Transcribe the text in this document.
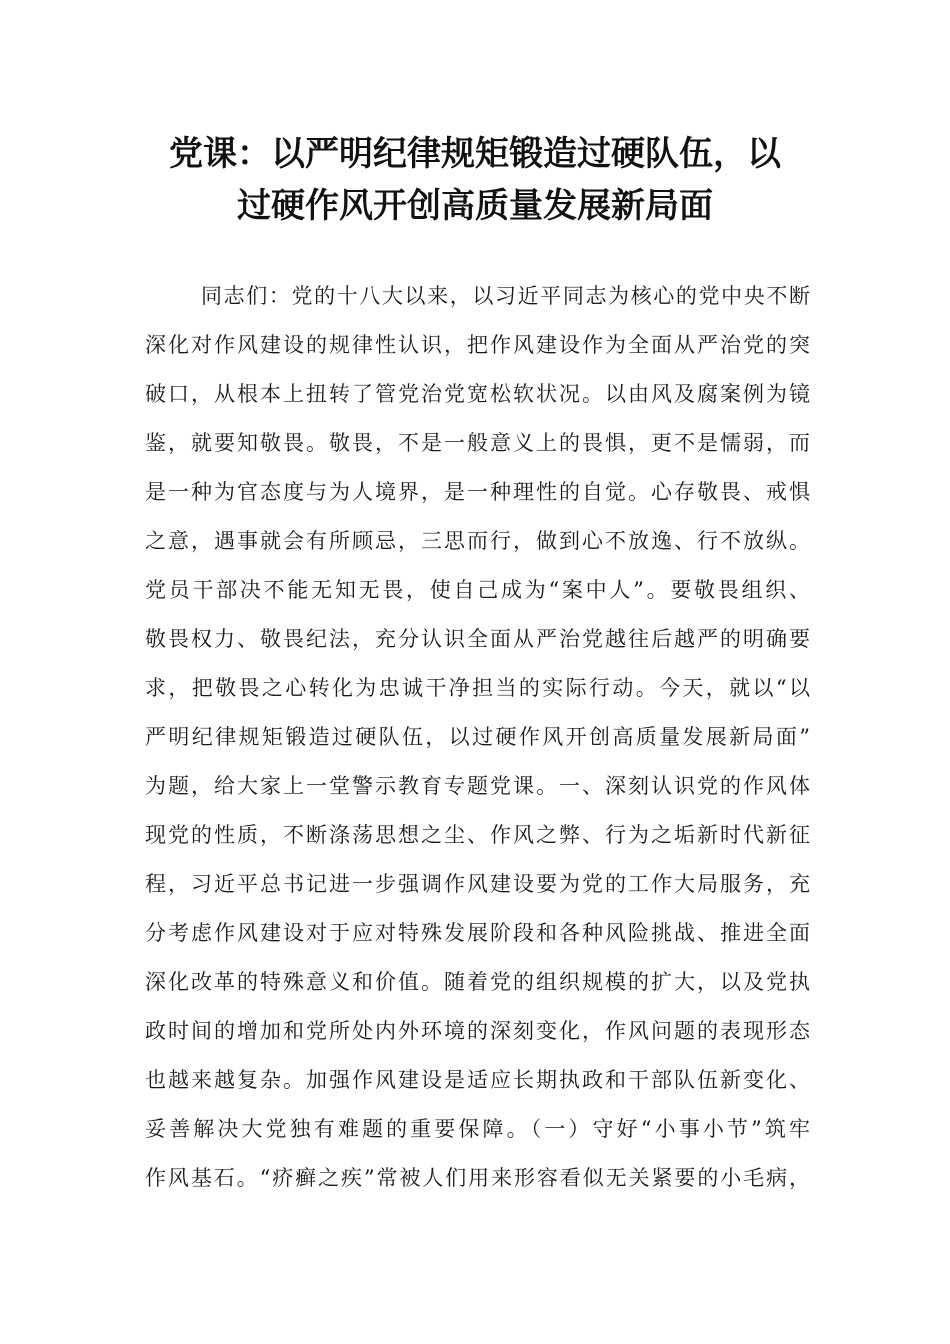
党课：以严明纪律规矩锻造过硬队伍，以
过硬作风开创高质量发展新局面
同志们：党的十八大以来，以习近平同志为核心的党中央不断
深化对作风建设的规律性认识，把作风建设作为全面从严治党的突
破口，从根本上扭转了管党治党宽松软状况。以由风及腐案例为镜
鉴，就要知敬畏。敬畏，不是一般意义上的畏惧，更不是懦弱，而
是一种为官态度与为人境界，是一种理性的自觉。心存敬畏、戒惧
之意，遇事就会有所顾忌，三思而行，做到心不放逸、行不放纵。
党员干部决不能无知无畏，使自己成为“案中人”。要敬畏组织、
敬畏权力、敬畏纪法，充分认识全面从严治党越往后越严的明确要
求，把敬畏之心转化为忠诚干净担当的实际行动。今天，就以“以
严明纪律规矩锻造过硬队伍，以过硬作风开创高质量发展新局面”
为题，给大家上一堂警示教育专题党课。一、深刻认识党的作风体
现党的性质，不断涤荡思想之尘、作风之弊、行为之垢新时代新征
程，习近平总书记进一步强调作风建设要为党的工作大局服务，充
分考虑作风建设对于应对特殊发展阶段和各种风险挑战、推进全面
深化改革的特殊意义和价值。随着党的组织规模的扩大，以及党执
政时间的增加和党所处内外环境的深刻变化，作风问题的表现形态
也越来越复杂。加强作风建设是适应长期执政和干部队伍新变化、
妥善解决大党独有难题的重要保障。（一）守好“小事小节”筑牢
作风基石。“疥癣之疾”常被人们用来形容看似无关紧要的小毛病，
